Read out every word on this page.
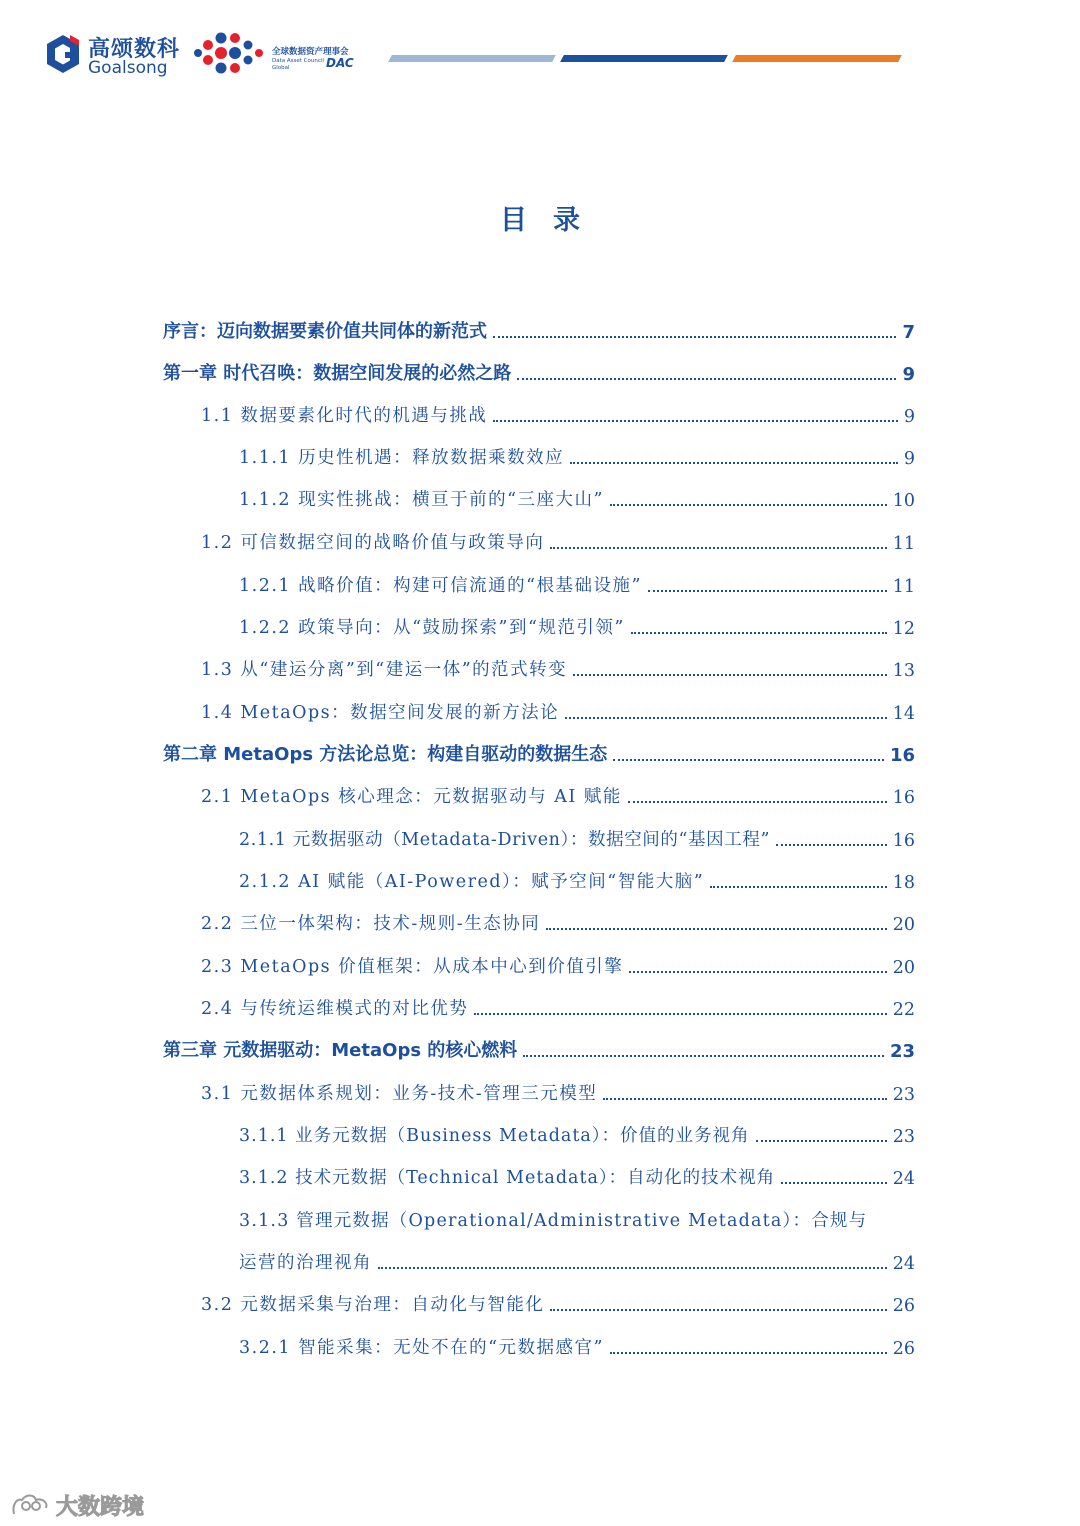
高颂数科
Goalsong
全球数据资产理事会
Data Asset Council Global	DAC
目录
序言：迈向数据要素价值共同体的新范式	7
第一章 时代召唤：数据空间发展的必然之路	9
1.1 数据要素化时代的机遇与挑战	9
1.1.1 历史性机遇：释放数据乘数效应	9
1.1.2 现实性挑战：横亘于前的“三座大山”	10
1.2 可信数据空间的战略价值与政策导向	11
1.2.1 战略价值：构建可信流通的“根基础设施”	11
1.2.2 政策导向：从“鼓励探索”到“规范引领”	12
1.3 从“建运分离”到“建运一体”的范式转变	13
1.4 MetaOps：数据空间发展的新方法论	14
第二章 MetaOps 方法论总览：构建自驱动的数据生态	16
2.1 MetaOps 核心理念：元数据驱动与 AI 赋能	16
2.1.1 元数据驱动（Metadata-Driven）：数据空间的“基因工程”	16
2.1.2 AI 赋能（AI-Powered）：赋予空间“智能大脑”	18
2.2 三位一体架构：技术-规则-生态协同	20
2.3 MetaOps 价值框架：从成本中心到价值引擎	20
2.4 与传统运维模式的对比优势	22
第三章 元数据驱动：MetaOps 的核心燃料	23
3.1 元数据体系规划：业务-技术-管理三元模型	23
3.1.1 业务元数据（Business Metadata）：价值的业务视角	23
3.1.2 技术元数据（Technical Metadata）：自动化的技术视角	24
3.1.3 管理元数据（Operational/Administrative Metadata）：合规与
运营的治理视角	24
3.2 元数据采集与治理：自动化与智能化	26
3.2.1 智能采集：无处不在的“元数据感官”	26
大数跨境
